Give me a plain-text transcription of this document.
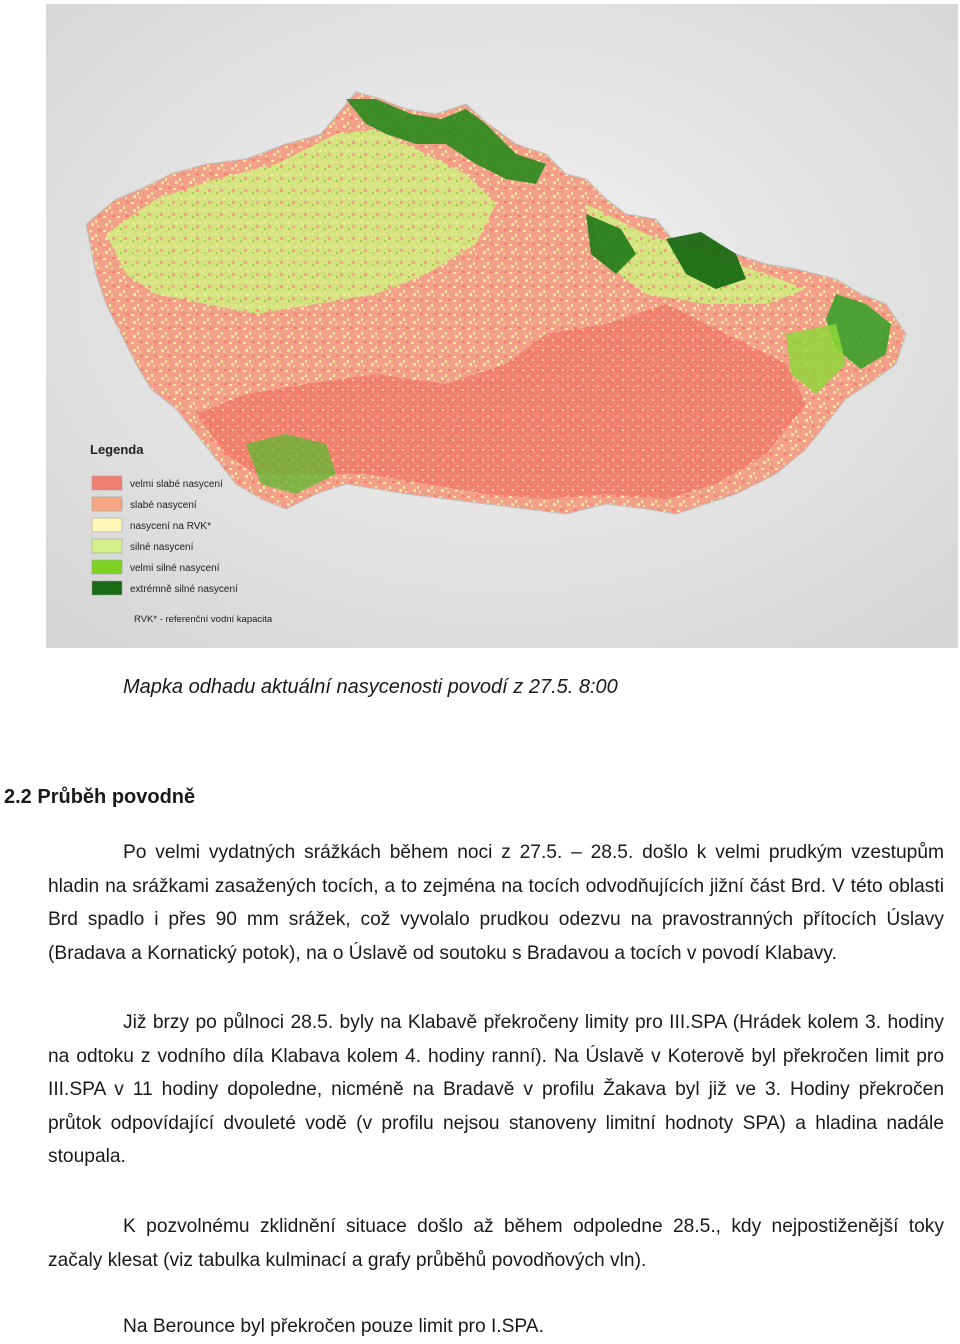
Legenda
velmi slabé nasycení
slabé nasycení
nasycení na RVK*
silné nasycení
velmi silné nasycení
extrémně silné nasycení
RVK* - referenční vodní kapacita
Mapka odhadu aktuální nasycenosti povodí z 27.5. 8:00
2.2 Průběh povodně

Po velmi vydatných srážkách během noci z 27.5. – 28.5. došlo k velmi prudkým vzestupům hladin na srážkami zasažených tocích, a to zejména na tocích odvodňujících jižní část Brd. V této oblasti Brd spadlo i přes 90 mm srážek, což vyvolalo prudkou odezvu na pravostranných přítocích Úslavy (Bradava a Kornatický potok), na o Úslavě od soutoku s Bradavou a tocích v povodí Klabavy.

Již brzy po půlnoci 28.5. byly na Klabavě překročeny limity pro III.SPA (Hrádek kolem 3. hodiny na odtoku z vodního díla Klabava kolem 4. hodiny ranní). Na Úslavě v Koterově byl překročen limit pro III.SPA v 11 hodiny dopoledne, nicméně na Bradavě v profilu Žakava byl již ve 3. Hodiny překročen průtok odpovídající dvouleté vodě (v profilu nejsou stanoveny limitní hodnoty SPA) a hladina nadále stoupala.

K pozvolnému zklidnění situace došlo až během odpoledne 28.5., kdy nejpostiženější toky začaly klesat (viz tabulka kulminací a grafy průběhů povodňových vln).

Na Berounce byl překročen pouze limit pro I.SPA.
